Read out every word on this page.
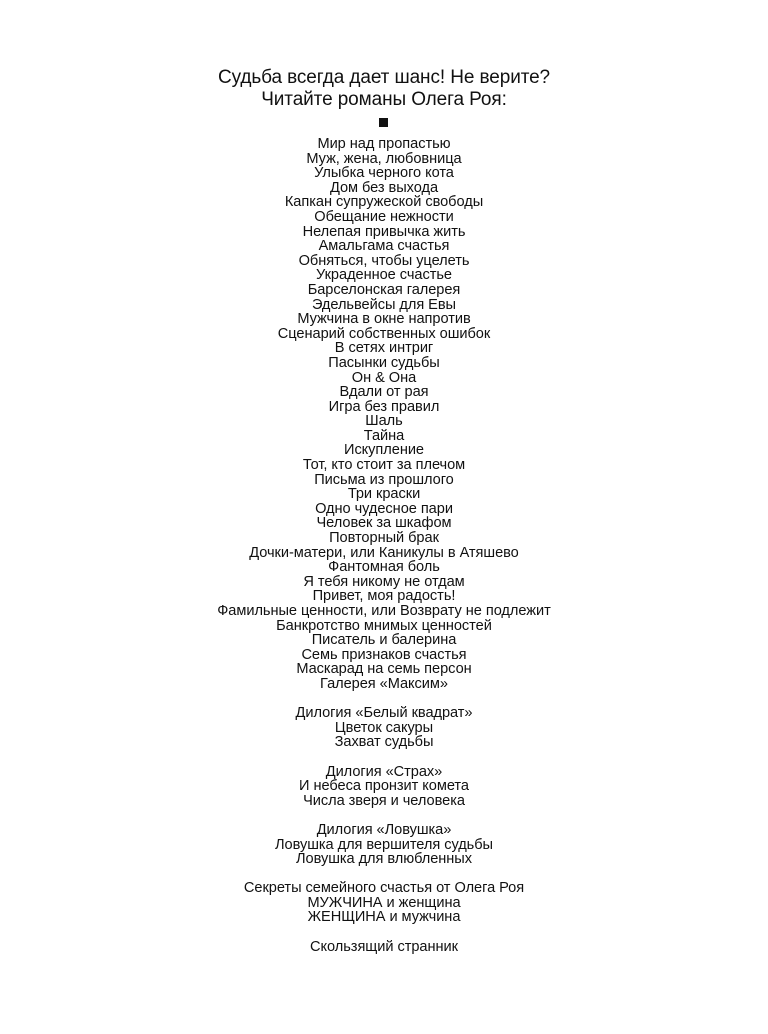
Судьба всегда дает шанс! Не верите?
Читайте романы Олега Роя:
Мир над пропастью
Муж, жена, любовница
Улыбка черного кота
Дом без выхода
Капкан супружеской свободы
Обещание нежности
Нелепая привычка жить
Амальгама счастья
Обняться, чтобы уцелеть
Украденное счастье
Барселонская галерея
Эдельвейсы для Евы
Мужчина в окне напротив
Сценарий собственных ошибок
В сетях интриг
Пасынки судьбы
Он & Она
Вдали от рая
Игра без правил
Шаль
Тайна
Искупление
Тот, кто стоит за плечом
Письма из прошлого
Три краски
Одно чудесное пари
Человек за шкафом
Повторный брак
Дочки-матери, или Каникулы в Атяшево
Фантомная боль
Я тебя никому не отдам
Привет, моя радость!
Фамильные ценности, или Возврату не подлежит
Банкротство мнимых ценностей
Писатель и балерина
Семь признаков счастья
Маскарад на семь персон
Галерея «Максим»
Дилогия «Белый квадрат»
Цветок сакуры
Захват судьбы
Дилогия «Страх»
И небеса пронзит комета
Числа зверя и человека
Дилогия «Ловушка»
Ловушка для вершителя судьбы
Ловушка для влюбленных
Секреты семейного счастья от Олега Роя
МУЖЧИНА и женщина
ЖЕНЩИНА и мужчина
Скользящий странник
